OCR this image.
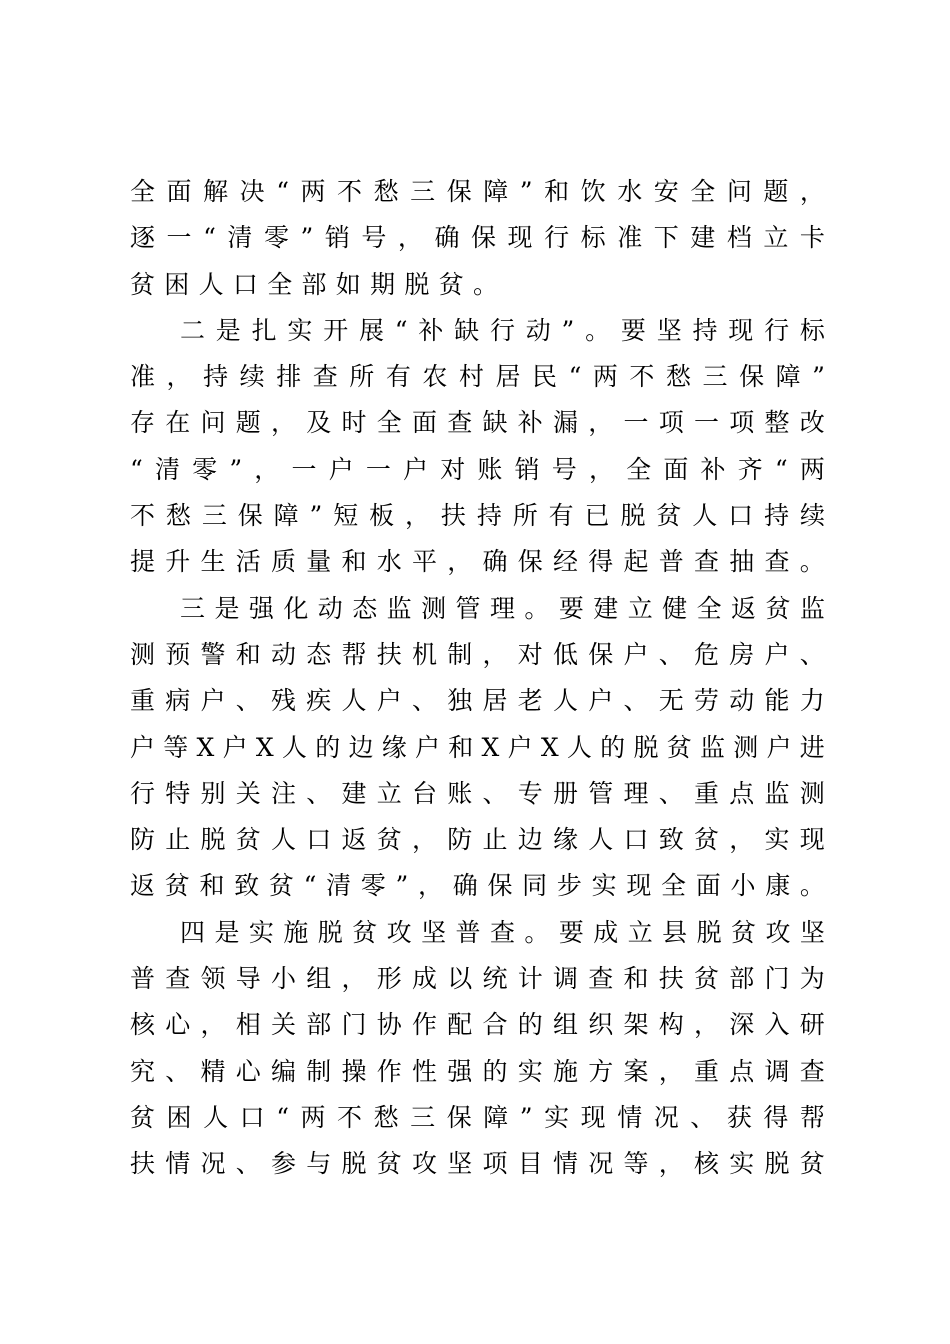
全 面 解 决 “ 两 不 愁 三 保 障 ” 和 饮 水 安 全 问 题 ，
逐 一 “ 清 零 ” 销 号 ， 确 保 现 行 标 准 下 建 档 立 卡
贫困人口全部如期脱贫。
二 是 扎 实 开 展 “ 补 缺 行 动 ” 。 要 坚 持 现 行 标
准 ， 持 续 排 查 所 有 农 村 居 民 “ 两 不 愁 三 保 障 ”
存 在 问 题 ， 及 时 全 面 查 缺 补 漏 ， 一 项 一 项 整 改
“ 清 零 ” ， 一 户 一 户 对 账 销 号 ， 全 面 补 齐 “ 两
不 愁 三 保 障 ” 短 板 ， 扶 持 所 有 已 脱 贫 人 口 持 续
提 升 生 活 质 量 和 水 平 ， 确 保 经 得 起 普 查 抽 查 。
三 是 强 化 动 态 监 测 管 理 。 要 建 立 健 全 返 贫 监
测 预 警 和 动 态 帮 扶 机 制 ， 对 低 保 户 、 危 房 户 、
重 病 户 、 残 疾 人 户 、 独 居 老 人 户 、 无 劳 动 能 力
户 等 X 户 X 人 的 边 缘 户 和 X 户 X 人 的 脱 贫 监 测 户 进
行 特 别 关 注 、 建 立 台 账 、 专 册 管 理 、 重 点 监 测
防 止 脱 贫 人 口 返 贫 ， 防 止 边 缘 人 口 致 贫 ， 实 现
返 贫 和 致 贫 “ 清 零 ” ， 确 保 同 步 实 现 全 面 小 康 。
四 是 实 施 脱 贫 攻 坚 普 查 。 要 成 立 县 脱 贫 攻 坚
普 查 领 导 小 组 ， 形 成 以 统 计 调 查 和 扶 贫 部 门 为
核 心 ， 相 关 部 门 协 作 配 合 的 组 织 架 构 ， 深 入 研
究 、 精 心 编 制 操 作 性 强 的 实 施 方 案 ， 重 点 调 查
贫 困 人 口 “ 两 不 愁 三 保 障 ” 实 现 情 况 、 获 得 帮
扶 情 况 、 参 与 脱 贫 攻 坚 项 目 情 况 等 ， 核 实 脱 贫
